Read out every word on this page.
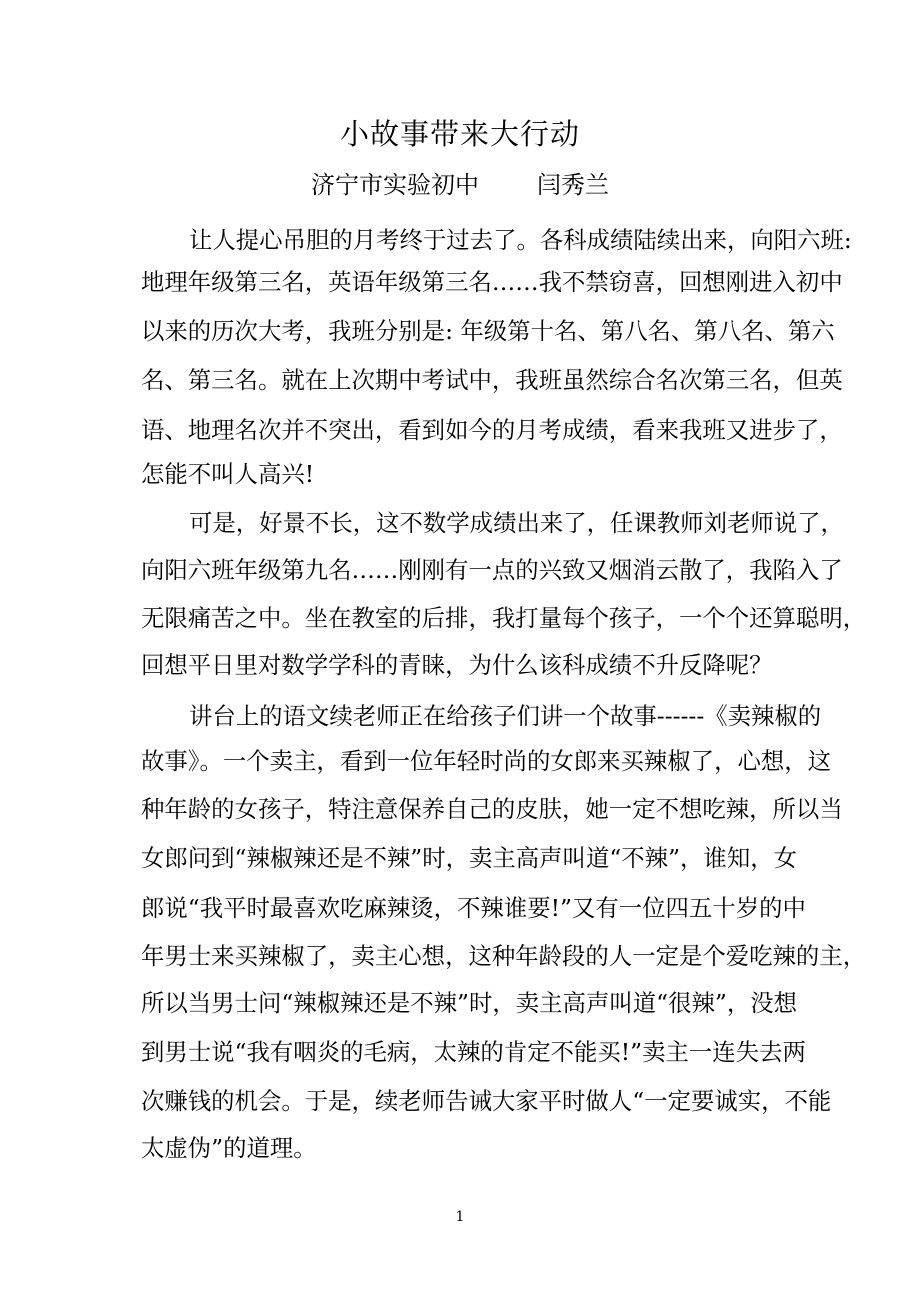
小故事带来大行动
济宁市实验初中 闫秀兰
让人提心吊胆的月考终于过去了。各科成绩陆续出来，向阳六班:
地理年级第三名，英语年级第三名……我不禁窃喜，回想刚进入初中
以来的历次大考，我班分别是: 年级第十名、第八名、第八名、第六
名、第三名。就在上次期中考试中，我班虽然综合名次第三名，但英
语、地理名次并不突出，看到如今的月考成绩，看来我班又进步了，
怎能不叫人高兴!
可是，好景不长，这不数学成绩出来了，任课教师刘老师说了，
向阳六班年级第九名……刚刚有一点的兴致又烟消云散了，我陷入了
无限痛苦之中。坐在教室的后排，我打量每个孩子，一个个还算聪明，
回想平日里对数学学科的青睐，为什么该科成绩不升反降呢？
讲台上的语文续老师正在给孩子们讲一个故事------《卖辣椒的
故事》。一个卖主，看到一位年轻时尚的女郎来买辣椒了，心想，这
种年龄的女孩子，特注意保养自己的皮肤，她一定不想吃辣，所以当
女郎问到“辣椒辣还是不辣”时，卖主高声叫道“不辣”，谁知，女
郎说“我平时最喜欢吃麻辣烫，不辣谁要!”又有一位四五十岁的中
年男士来买辣椒了，卖主心想，这种年龄段的人一定是个爱吃辣的主，
所以当男士问“辣椒辣还是不辣”时，卖主高声叫道“很辣”，没想
到男士说“我有咽炎的毛病，太辣的肯定不能买!”卖主一连失去两
次赚钱的机会。于是，续老师告诫大家平时做人“一定要诚实，不能
太虚伪”的道理。
1
